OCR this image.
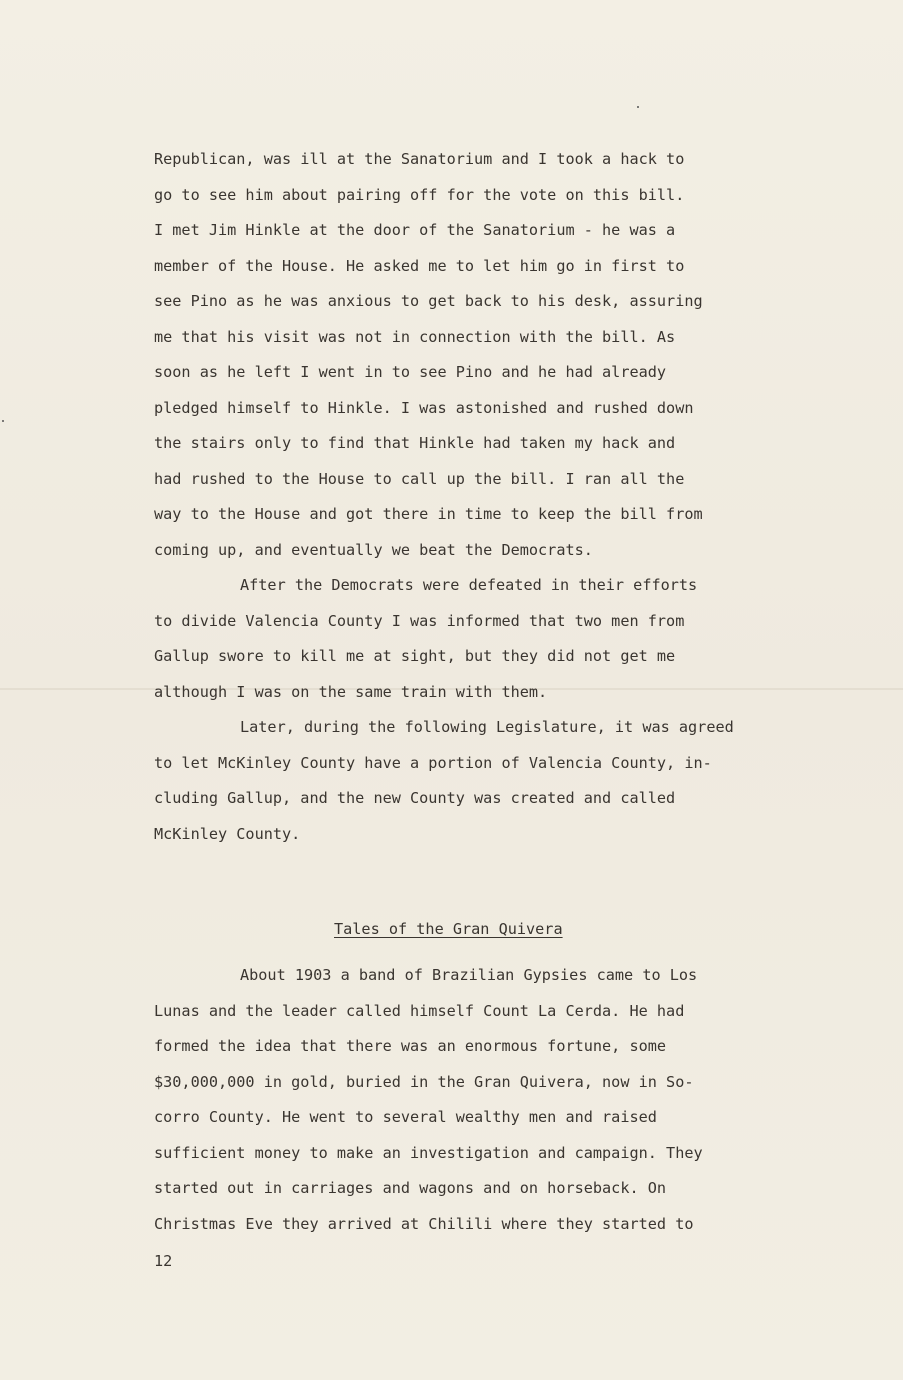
Republican, was ill at the Sanatorium and I took a hack to
go to see him about pairing off for the vote on this bill.
I met Jim Hinkle at the door of the Sanatorium - he was a
member of the House. He asked me to let him go in first to
see Pino as he was anxious to get back to his desk, assuring
me that his visit was not in connection with the bill. As
soon as he left I went in to see Pino and he had already
pledged himself to Hinkle. I was astonished and rushed down
the stairs only to find that Hinkle had taken my hack and
had rushed to the House to call up the bill. I ran all the
way to the House and got there in time to keep the bill from
coming up, and eventually we beat the Democrats.
After the Democrats were defeated in their efforts
to divide Valencia County I was informed that two men from
Gallup swore to kill me at sight, but they did not get me
although I was on the same train with them.
Later, during the following Legislature, it was agreed
to let McKinley County have a portion of Valencia County, in-
cluding Gallup, and the new County was created and called
McKinley County.
Tales of the Gran Quivera
About 1903 a band of Brazilian Gypsies came to Los
Lunas and the leader called himself Count La Cerda. He had
formed the idea that there was an enormous fortune, some
$30,000,000 in gold, buried in the Gran Quivera, now in So-
corro County. He went to several wealthy men and raised
sufficient money to make an investigation and campaign. They
started out in carriages and wagons and on horseback. On
Christmas Eve they arrived at Chilili where they started to
12
